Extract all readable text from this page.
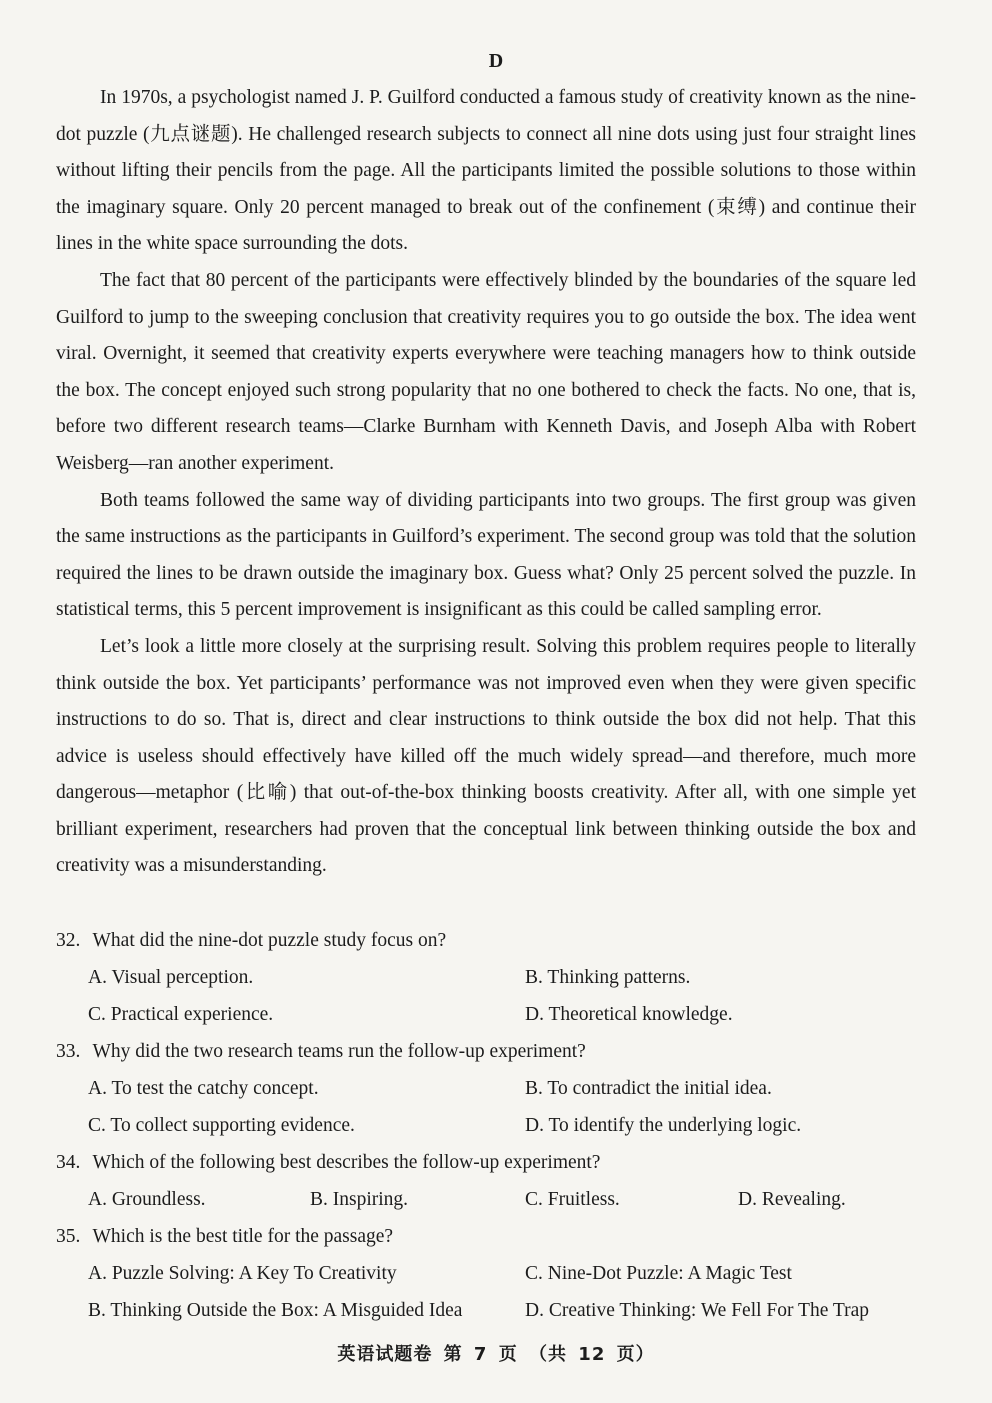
D

In 1970s, a psychologist named J. P. Guilford conducted a famous study of creativity known as the nine-dot puzzle (九点谜题). He challenged research subjects to connect all nine dots using just four straight lines without lifting their pencils from the page. All the participants limited the possible solutions to those within the imaginary square. Only 20 percent managed to break out of the confinement (束缚) and continue their lines in the white space surrounding the dots.

The fact that 80 percent of the participants were effectively blinded by the boundaries of the square led Guilford to jump to the sweeping conclusion that creativity requires you to go outside the box. The idea went viral. Overnight, it seemed that creativity experts everywhere were teaching managers how to think outside the box. The concept enjoyed such strong popularity that no one bothered to check the facts. No one, that is, before two different research teams—Clarke Burnham with Kenneth Davis, and Joseph Alba with Robert Weisberg—ran another experiment.

Both teams followed the same way of dividing participants into two groups. The first group was given the same instructions as the participants in Guilford’s experiment. The second group was told that the solution required the lines to be drawn outside the imaginary box. Guess what? Only 25 percent solved the puzzle. In statistical terms, this 5 percent improvement is insignificant as this could be called sampling error.

Let’s look a little more closely at the surprising result. Solving this problem requires people to literally think outside the box. Yet participants’ performance was not improved even when they were given specific instructions to do so. That is, direct and clear instructions to think outside the box did not help. That this advice is useless should effectively have killed off the much widely spread—and therefore, much more dangerous—metaphor (比喻) that out-of-the-box thinking boosts creativity. After all, with one simple yet brilliant experiment, researchers had proven that the conceptual link between thinking outside the box and creativity was a misunderstanding.

32. What did the nine-dot puzzle study focus on?
A. Visual perception.	B. Thinking patterns.
C. Practical experience.	D. Theoretical knowledge.
33. Why did the two research teams run the follow-up experiment?
A. To test the catchy concept.	B. To contradict the initial idea.
C. To collect supporting evidence.	D. To identify the underlying logic.
34. Which of the following best describes the follow-up experiment?
A. Groundless.	B. Inspiring.	C. Fruitless.	D. Revealing.
35. Which is the best title for the passage?
A. Puzzle Solving: A Key To Creativity	C. Nine-Dot Puzzle: A Magic Test
B. Thinking Outside the Box: A Misguided Idea	D. Creative Thinking: We Fell For The Trap
英语试题卷 第 7 页 （共 12 页）
